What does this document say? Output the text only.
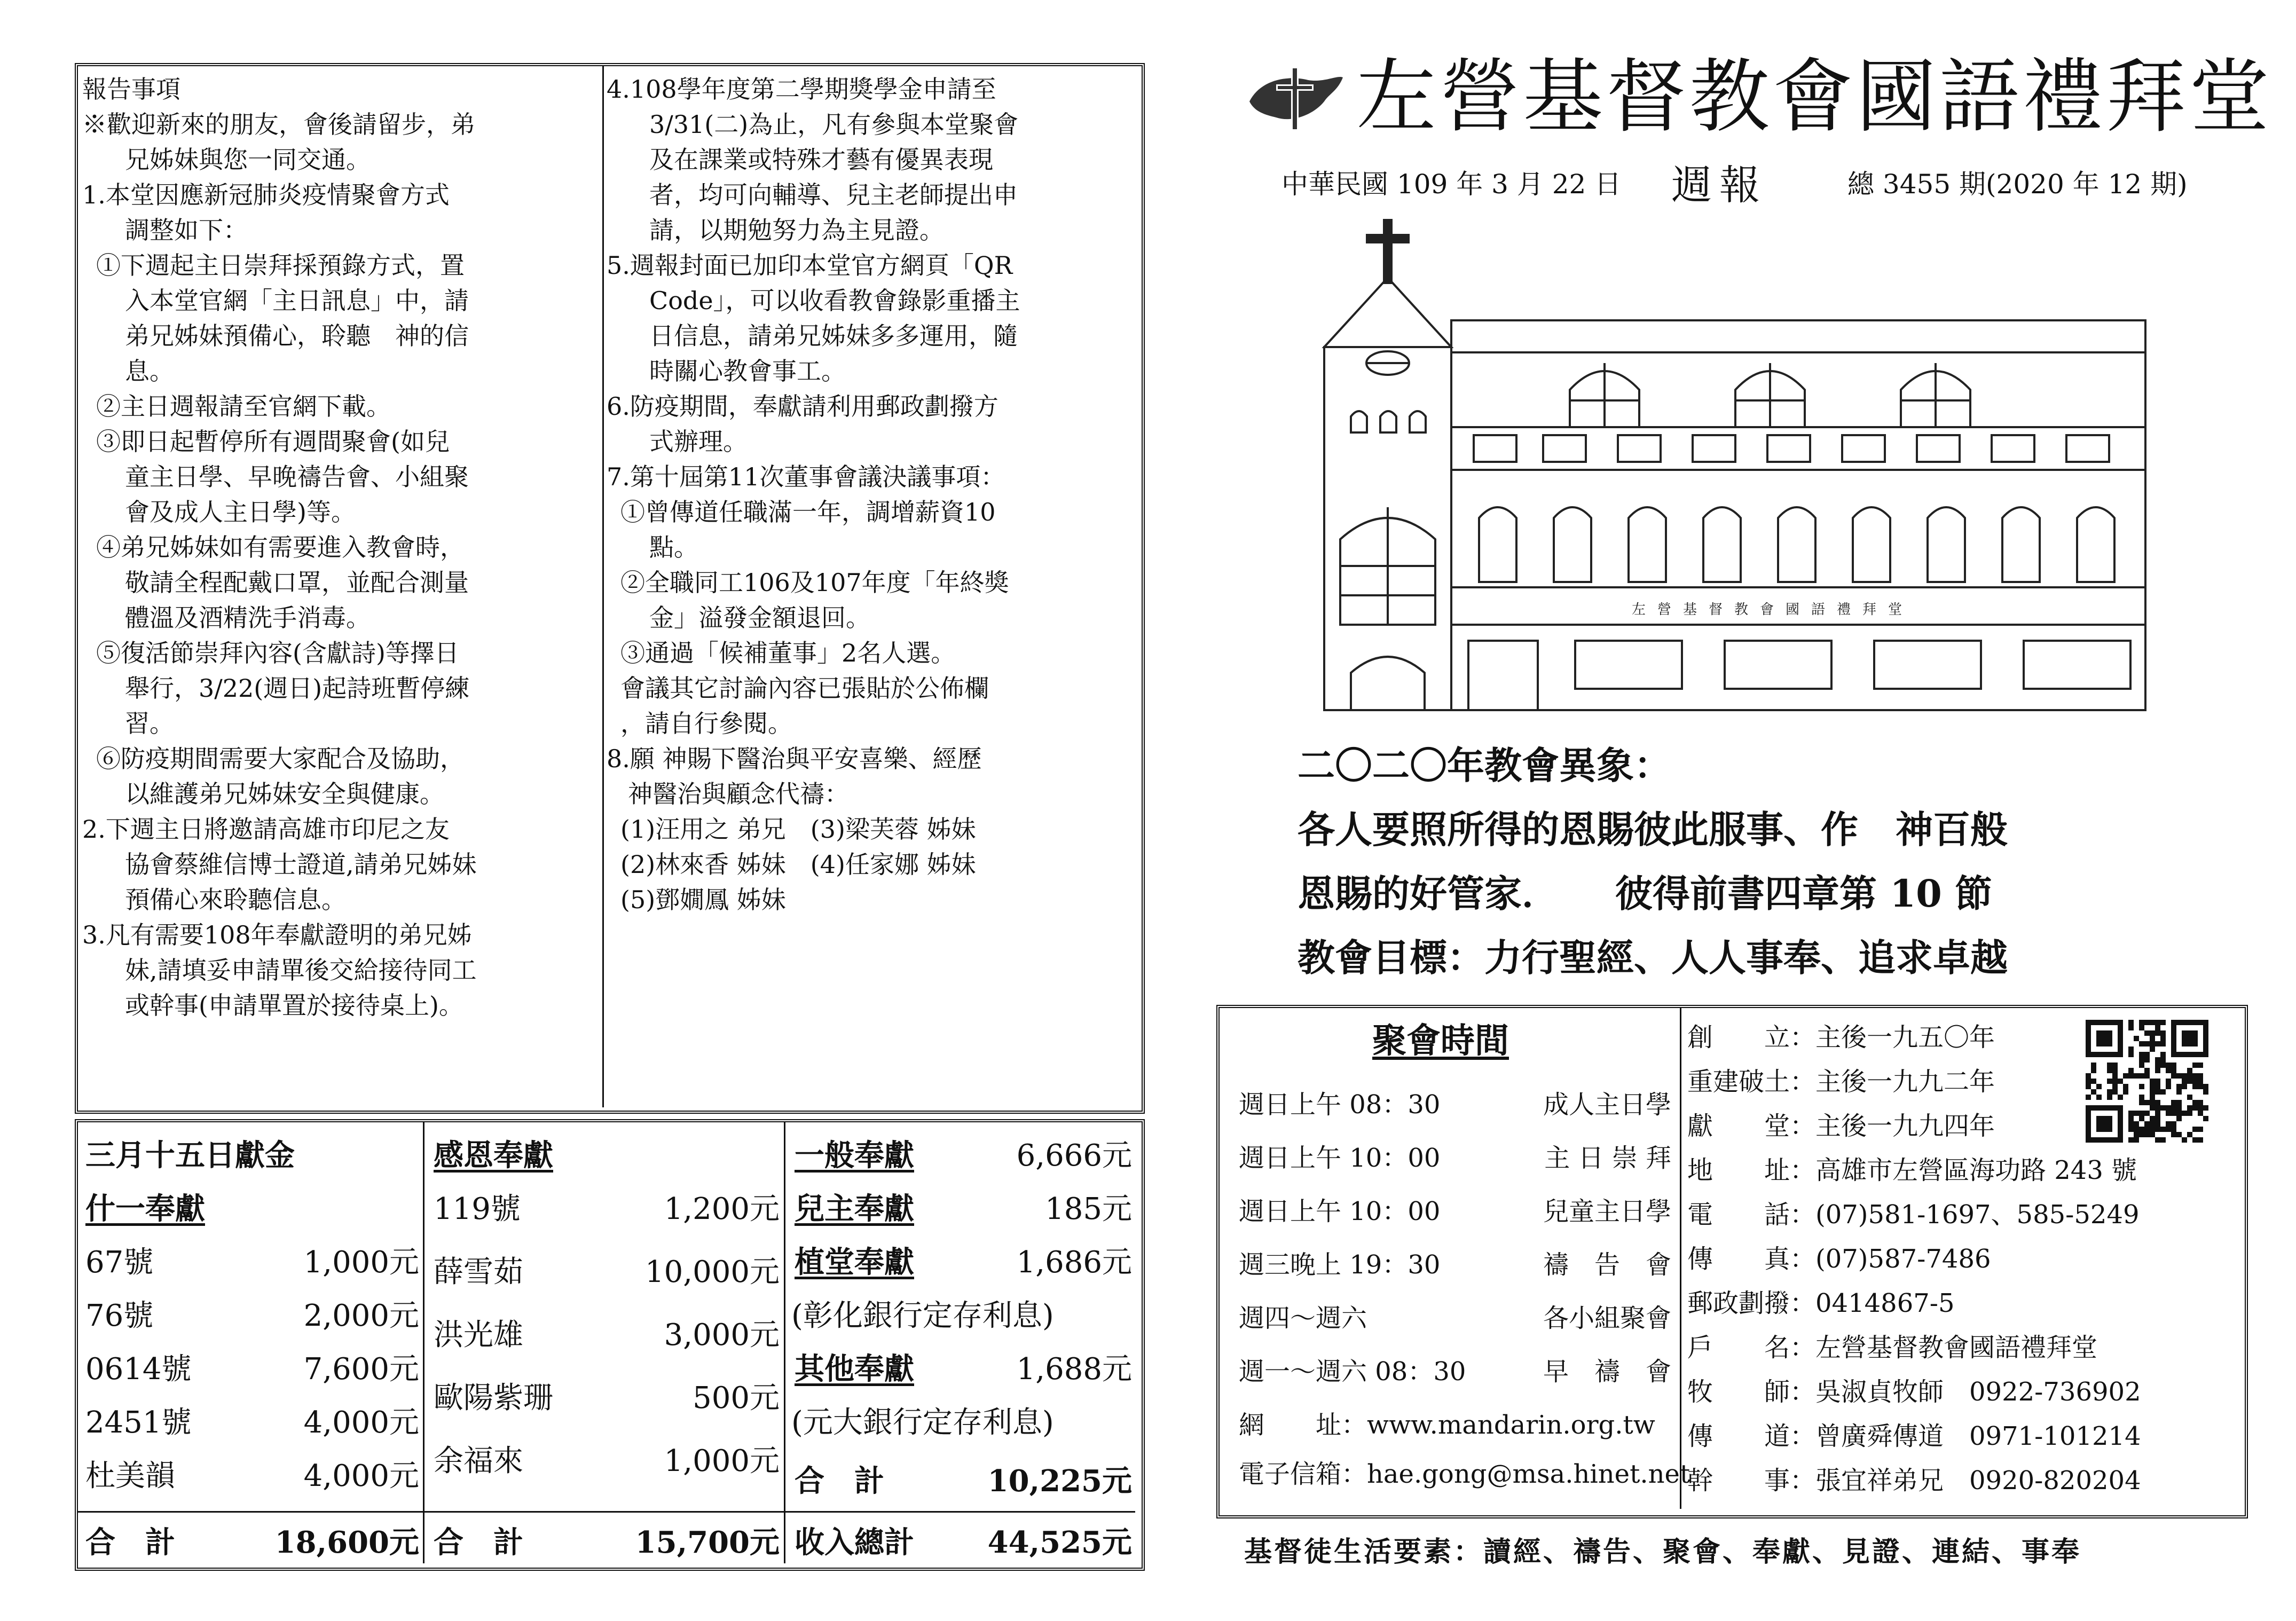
報告事項
※歡迎新來的朋友，會後請留步，弟
兄姊妹與您一同交通。
1.本堂因應新冠肺炎疫情聚會方式
調整如下：
①下週起主日崇拜採預錄方式，置
入本堂官網「主日訊息」中，請
弟兄姊妹預備心，聆聽　神的信
息。
②主日週報請至官網下載。
③即日起暫停所有週間聚會(如兒
童主日學、早晚禱告會、小組聚
會及成人主日學)等。
④弟兄姊妹如有需要進入教會時，
敬請全程配戴口罩，並配合測量
體溫及酒精洗手消毒。
⑤復活節崇拜內容(含獻詩)等擇日
舉行，3/22(週日)起詩班暫停練
習。
⑥防疫期間需要大家配合及協助，
以維護弟兄姊妹安全與健康。
2.下週主日將邀請高雄市印尼之友
協會蔡維信博士證道,請弟兄姊妹
預備心來聆聽信息。
3.凡有需要108年奉獻證明的弟兄姊
妹,請填妥申請單後交給接待同工
或幹事(申請單置於接待桌上)。
4.108學年度第二學期獎學金申請至
3/31(二)為止，凡有參與本堂聚會
及在課業或特殊才藝有優異表現
者，均可向輔導、兒主老師提出申
請，以期勉努力為主見證。
5.週報封面已加印本堂官方網頁「QR
Code」，可以收看教會錄影重播主
日信息，請弟兄姊妹多多運用，隨
時關心教會事工。
6.防疫期間，奉獻請利用郵政劃撥方
式辦理。
7.第十屆第11次董事會議決議事項：
①曾傳道任職滿一年，調增薪資10
點。
②全職同工106及107年度「年終獎
金」溢發金額退回。
③通過「候補董事」2名人選。
會議其它討論內容已張貼於公佈欄
，請自行參閱。
8.願 神賜下醫治與平安喜樂、經歷
神醫治與顧念代禱：
(1)汪用之 弟兄　(3)梁芙蓉 姊妹
(2)林來香 姊妹　(4)任家娜 姊妹
(5)鄧嫺鳳 姊妹
三月十五日獻金
什一奉獻
67號	1,000元
76號	2,000元
0614號	7,600元
2451號	4,000元
杜美韻	4,000元
合　計	18,600元
感恩奉獻
119號	1,200元
薛雪茹	10,000元
洪光雄	3,000元
歐陽紫珊	500元
余福來	1,000元
合　計	15,700元
一般奉獻	6,666元
兒主奉獻	185元
植堂奉獻	1,686元
(彰化銀行定存利息)
其他奉獻	1,688元
(元大銀行定存利息)
合　計	10,225元
收入總計	44,525元
左營基督教會國語禮拜堂
中華民國 109 年 3 月 22 日 週報	總 3455 期(2020 年 12 期)
左營基督教會國語禮拜堂
二〇二〇年教會異象：
各人要照所得的恩賜彼此服事、作　神百般
恩賜的好管家．　　彼得前書四章第 10 節
教會目標：力行聖經、人人事奉、追求卓越
聚會時間
週日上午 08：30	成人主日學
週日上午 10：00	主 日 崇 拜
週日上午 10：00	兒童主日學
週三晚上 19：30	禱　告　會
週四～週六	各小組聚會
週一～週六 08：30	早　禱　會
網　　址：www.mandarin.org.tw
電子信箱：hae.gong@msa.hinet.net
創　　立：主後一九五〇年
重建破土：主後一九九二年
獻　　堂：主後一九九四年
地　　址：高雄市左營區海功路 243 號
電　　話：(07)581-1697、585-5249
傳　　真：(07)587-7486
郵政劃撥：0414867-5
戶　　名：左營基督教會國語禮拜堂
牧　　師：吳淑貞牧師　0922-736902
傳　　道：曾廣舜傳道　0971-101214
幹　　事：張宜祥弟兄　0920-820204
基督徒生活要素：讀經、禱告、聚會、奉獻、見證、連結、事奉
